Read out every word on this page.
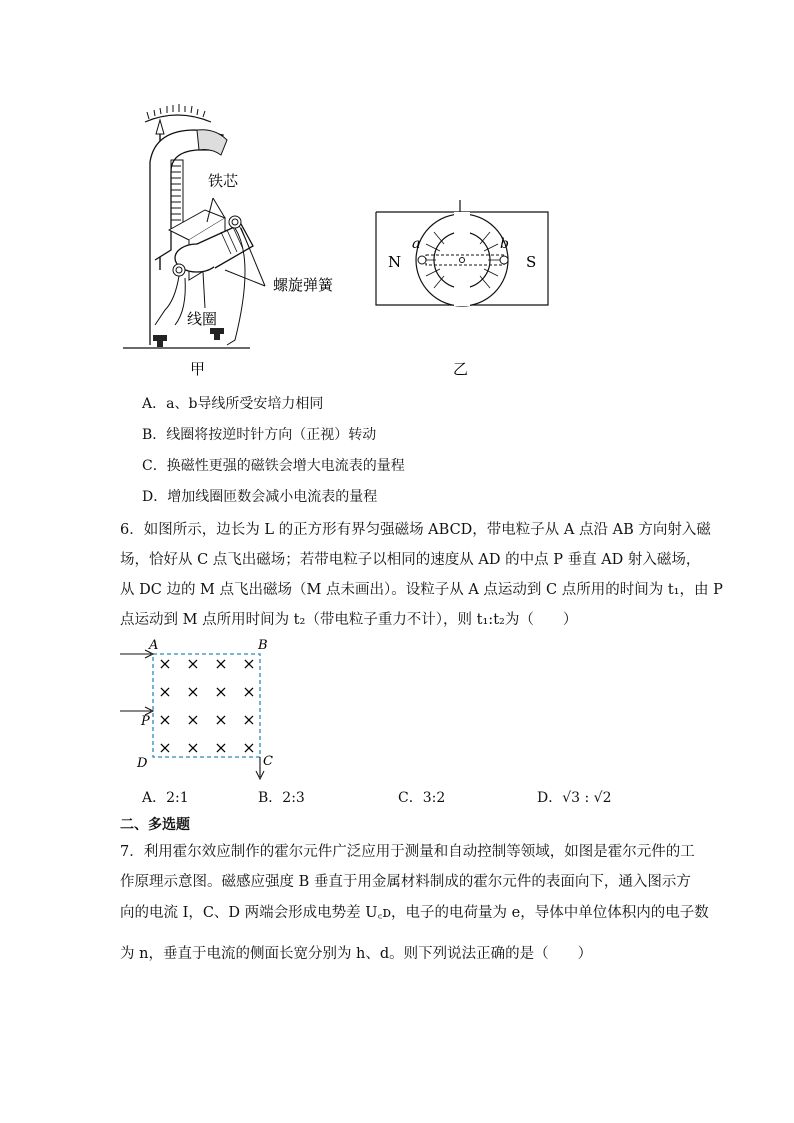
铁芯
螺旋弹簧
线圈
甲
N	S
a	b
乙
A．a、b导线所受安培力相同
B．线圈将按逆时针方向（正视）转动
C．换磁性更强的磁铁会增大电流表的量程
D．增加线圈匝数会减小电流表的量程
6．如图所示，边长为 L 的正方形有界匀强磁场 ABCD，带电粒子从 A 点沿 AB 方向射入磁
场，恰好从 C 点飞出磁场；若带电粒子以相同的速度从 AD 的中点 P 垂直 AD 射入磁场，
从 DC 边的 M 点飞出磁场（M 点未画出）。设粒子从 A 点运动到 C 点所用的时间为 t₁，由 P
点运动到 M 点所用时间为 t₂（带电粒子重力不计），则 t₁:t₂为（　　）
× × × ×
× × × ×
× × × ×
× × × ×
A	B
D	C
P
A．2:1	B．2:3	C．3:2	D．√3 : √2
二、多选题
7．利用霍尔效应制作的霍尔元件广泛应用于测量和自动控制等领域，如图是霍尔元件的工
作原理示意图。磁感应强度 B 垂直于用金属材料制成的霍尔元件的表面向下，通入图示方
向的电流 I，C、D 两端会形成电势差 U꜀ᴅ，电子的电荷量为 e，导体中单位体积内的电子数
为 n，垂直于电流的侧面长宽分别为 h、d。则下列说法正确的是（　　）
